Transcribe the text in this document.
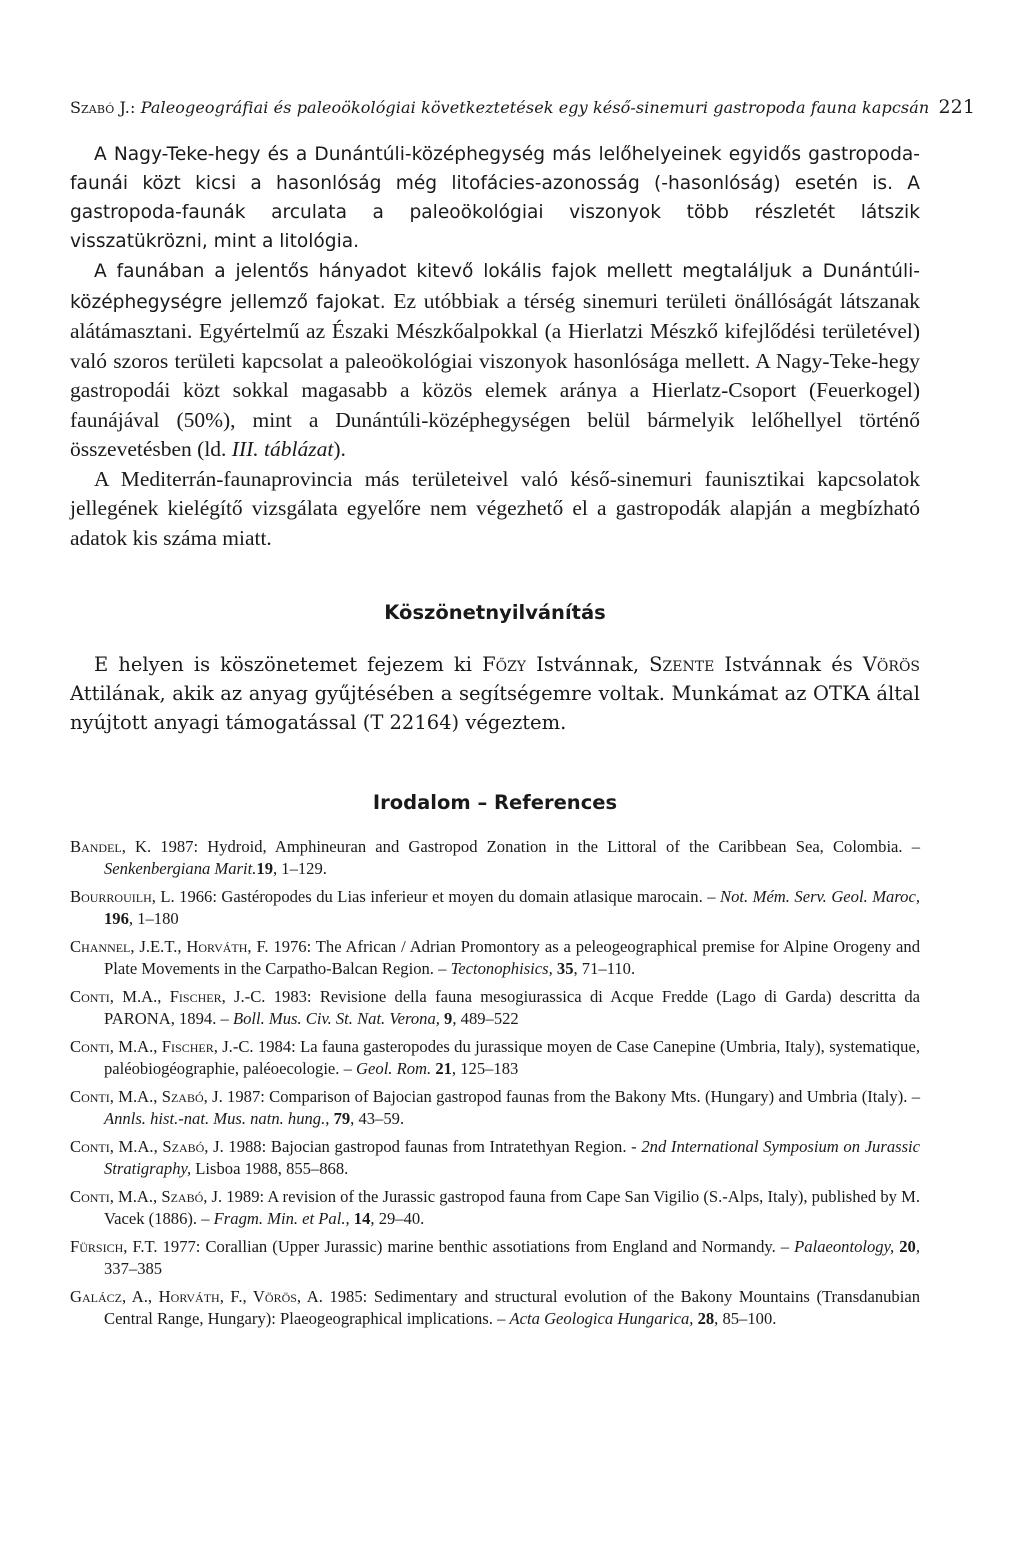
Szabó J.: Paleogeográfiai és paleoökológiai következtetések egy késő-sinemuri gastropoda fauna kapcsán 221

A Nagy-Teke-hegy és a Dunántúli-középhegység más lelőhelyeinek egyidős gastropoda-faunái közt kicsi a hasonlóság még litofácies-azonosság (-hasonlóság) esetén is. A gastropoda-faunák arculata a paleoökológiai viszonyok több részletét látszik visszatükrözni, mint a litológia.

A faunában a jelentős hányadot kitevő lokális fajok mellett megtaláljuk a Dunántúli-középhegységre jellemző fajokat. Ez utóbbiak a térség sinemuri területi önállóságát látszanak alátámasztani. Egyértelmű az Északi Mészkőalpokkal (a Hierlatzi Mészkő kifejlődési területével) való szoros területi kapcsolat a paleoökológiai viszonyok hasonlósága mellett. A Nagy-Teke-hegy gastropodái közt sokkal magasabb a közös elemek aránya a Hierlatz-Csoport (Feuerkogel) faunájával (50%), mint a Dunántúli-középhegységen belül bármelyik lelőhellyel történő összevetésben (ld. III. táblázat).

A Mediterrán-faunaprovincia más területeivel való késő-sinemuri faunisztikai kapcsolatok jellegének kielégítő vizsgálata egyelőre nem végezhető el a gastropodák alapján a megbízható adatok kis száma miatt.

Köszönetnyilvánítás

E helyen is köszönetemet fejezem ki Főzy Istvánnak, Szente Istvánnak és Vörös Attilának, akik az anyag gyűjtésében a segítségemre voltak. Munkámat az OTKA által nyújtott anyagi támogatással (T 22164) végeztem.

Irodalom – References
Bandel, K. 1987: Hydroid, Amphineuran and Gastropod Zonation in the Littoral of the Caribbean Sea, Colombia. – Senkenbergiana Marit.19, 1–129.
Bourrouilh, L. 1966: Gastéropodes du Lias inferieur et moyen du domain atlasique marocain. – Not. Mém. Serv. Geol. Maroc, 196, 1–180
Channel, J.E.T., Horváth, F. 1976: The African / Adrian Promontory as a peleogeographical premise for Alpine Orogeny and Plate Movements in the Carpatho-Balcan Region. – Tectonophisics, 35, 71–110.
Conti, M.A., Fischer, J.-C. 1983: Revisione della fauna mesogiurassica di Acque Fredde (Lago di Garda) descritta da PARONA, 1894. – Boll. Mus. Civ. St. Nat. Verona, 9, 489–522
Conti, M.A., Fischer, J.-C. 1984: La fauna gasteropodes du jurassique moyen de Case Canepine (Umbria, Italy), systematique, paléobiogéographie, paléoecologie. – Geol. Rom. 21, 125–183
Conti, M.A., Szabó, J. 1987: Comparison of Bajocian gastropod faunas from the Bakony Mts. (Hungary) and Umbria (Italy). – Annls. hist.-nat. Mus. natn. hung., 79, 43–59.
Conti, M.A., Szabó, J. 1988: Bajocian gastropod faunas from Intratethyan Region. - 2nd International Symposium on Jurassic Stratigraphy, Lisboa 1988, 855–868.
Conti, M.A., Szabó, J. 1989: A revision of the Jurassic gastropod fauna from Cape San Vigilio (S.-Alps, Italy), published by M. Vacek (1886). – Fragm. Min. et Pal., 14, 29–40.
Fürsich, F.T. 1977: Corallian (Upper Jurassic) marine benthic assotiations from England and Normandy. – Palaeontology, 20, 337–385
Galácz, A., Horváth, F., Vörös, A. 1985: Sedimentary and structural evolution of the Bakony Mountains (Transdanubian Central Range, Hungary): Plaeogeographical implications. – Acta Geologica Hungarica, 28, 85–100.
